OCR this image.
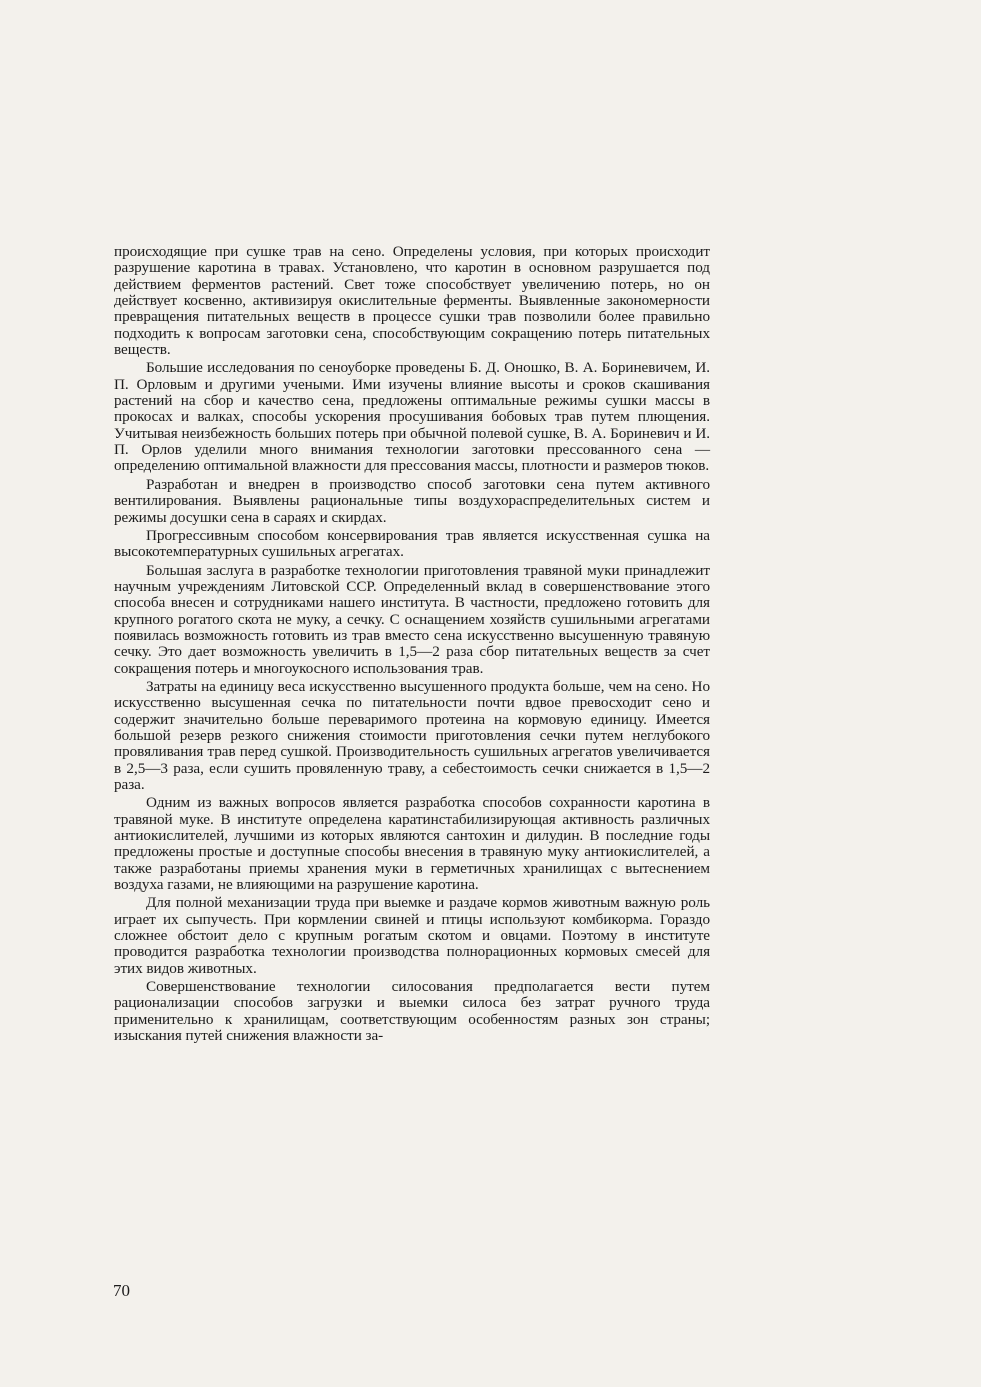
происходящие при сушке трав на сено. Определены условия, при которых происходит разрушение каротина в травах. Установлено, что каротин в основном разрушается под действием ферментов растений. Свет тоже способствует увеличению потерь, но он действует косвенно, активизируя окислительные ферменты. Выявленные закономерности превращения питательных веществ в процессе сушки трав позволили более правильно подходить к вопросам заготовки сена, способствующим сокращению потерь питательных веществ.

Большие исследования по сеноуборке проведены Б. Д. Оношко, В. А. Бориневичем, И. П. Орловым и другими учеными. Ими изучены влияние высоты и сроков скашивания растений на сбор и качество сена, предложены оптимальные режимы сушки массы в прокосах и валках, способы ускорения просушивания бобовых трав путем плющения. Учитывая неизбежность больших потерь при обычной полевой сушке, В. А. Бориневич и И. П. Орлов уделили много внимания технологии заготовки прессованного сена — определению оптимальной влажности для прессования массы, плотности и размеров тюков.

Разработан и внедрен в производство способ заготовки сена путем активного вентилирования. Выявлены рациональные типы воздухораспределительных систем и режимы досушки сена в сараях и скирдах.

Прогрессивным способом консервирования трав является искусственная сушка на высокотемпературных сушильных агрегатах.

Большая заслуга в разработке технологии приготовления травяной муки принадлежит научным учреждениям Литовской ССР. Определенный вклад в совершенствование этого способа внесен и сотрудниками нашего института. В частности, предложено готовить для крупного рогатого скота не муку, а сечку. С оснащением хозяйств сушильными агрегатами появилась возможность готовить из трав вместо сена искусственно высушенную травяную сечку. Это дает возможность увеличить в 1,5—2 раза сбор питательных веществ за счет сокращения потерь и многоукосного использования трав.

Затраты на единицу веса искусственно высушенного продукта больше, чем на сено. Но искусственно высушенная сечка по питательности почти вдвое превосходит сено и содержит значительно больше переваримого протеина на кормовую единицу. Имеется большой резерв резкого снижения стоимости приготовления сечки путем неглубокого провяливания трав перед сушкой. Производительность сушильных агрегатов увеличивается в 2,5—3 раза, если сушить провяленную траву, а себестоимость сечки снижается в 1,5—2 раза.

Одним из важных вопросов является разработка способов сохранности каротина в травяной муке. В институте определена каратинстабилизирующая активность различных антиокислителей, лучшими из которых являются сантохин и дилудин. В последние годы предложены простые и доступные способы внесения в травяную муку антиокислителей, а также разработаны приемы хранения муки в герметичных хранилищах с вытеснением воздуха газами, не влияющими на разрушение каротина.

Для полной механизации труда при выемке и раздаче кормов животным важную роль играет их сыпучесть. При кормлении свиней и птицы используют комбикорма. Гораздо сложнее обстоит дело с крупным рогатым скотом и овцами. Поэтому в институте проводится разработка технологии производства полнорационных кормовых смесей для этих видов животных.

Совершенствование технологии силосования предполагается вести путем рационализации способов загрузки и выемки силоса без затрат ручного труда применительно к хранилищам, соответствующим особенностям разных зон страны; изыскания путей снижения влажности за-

70
